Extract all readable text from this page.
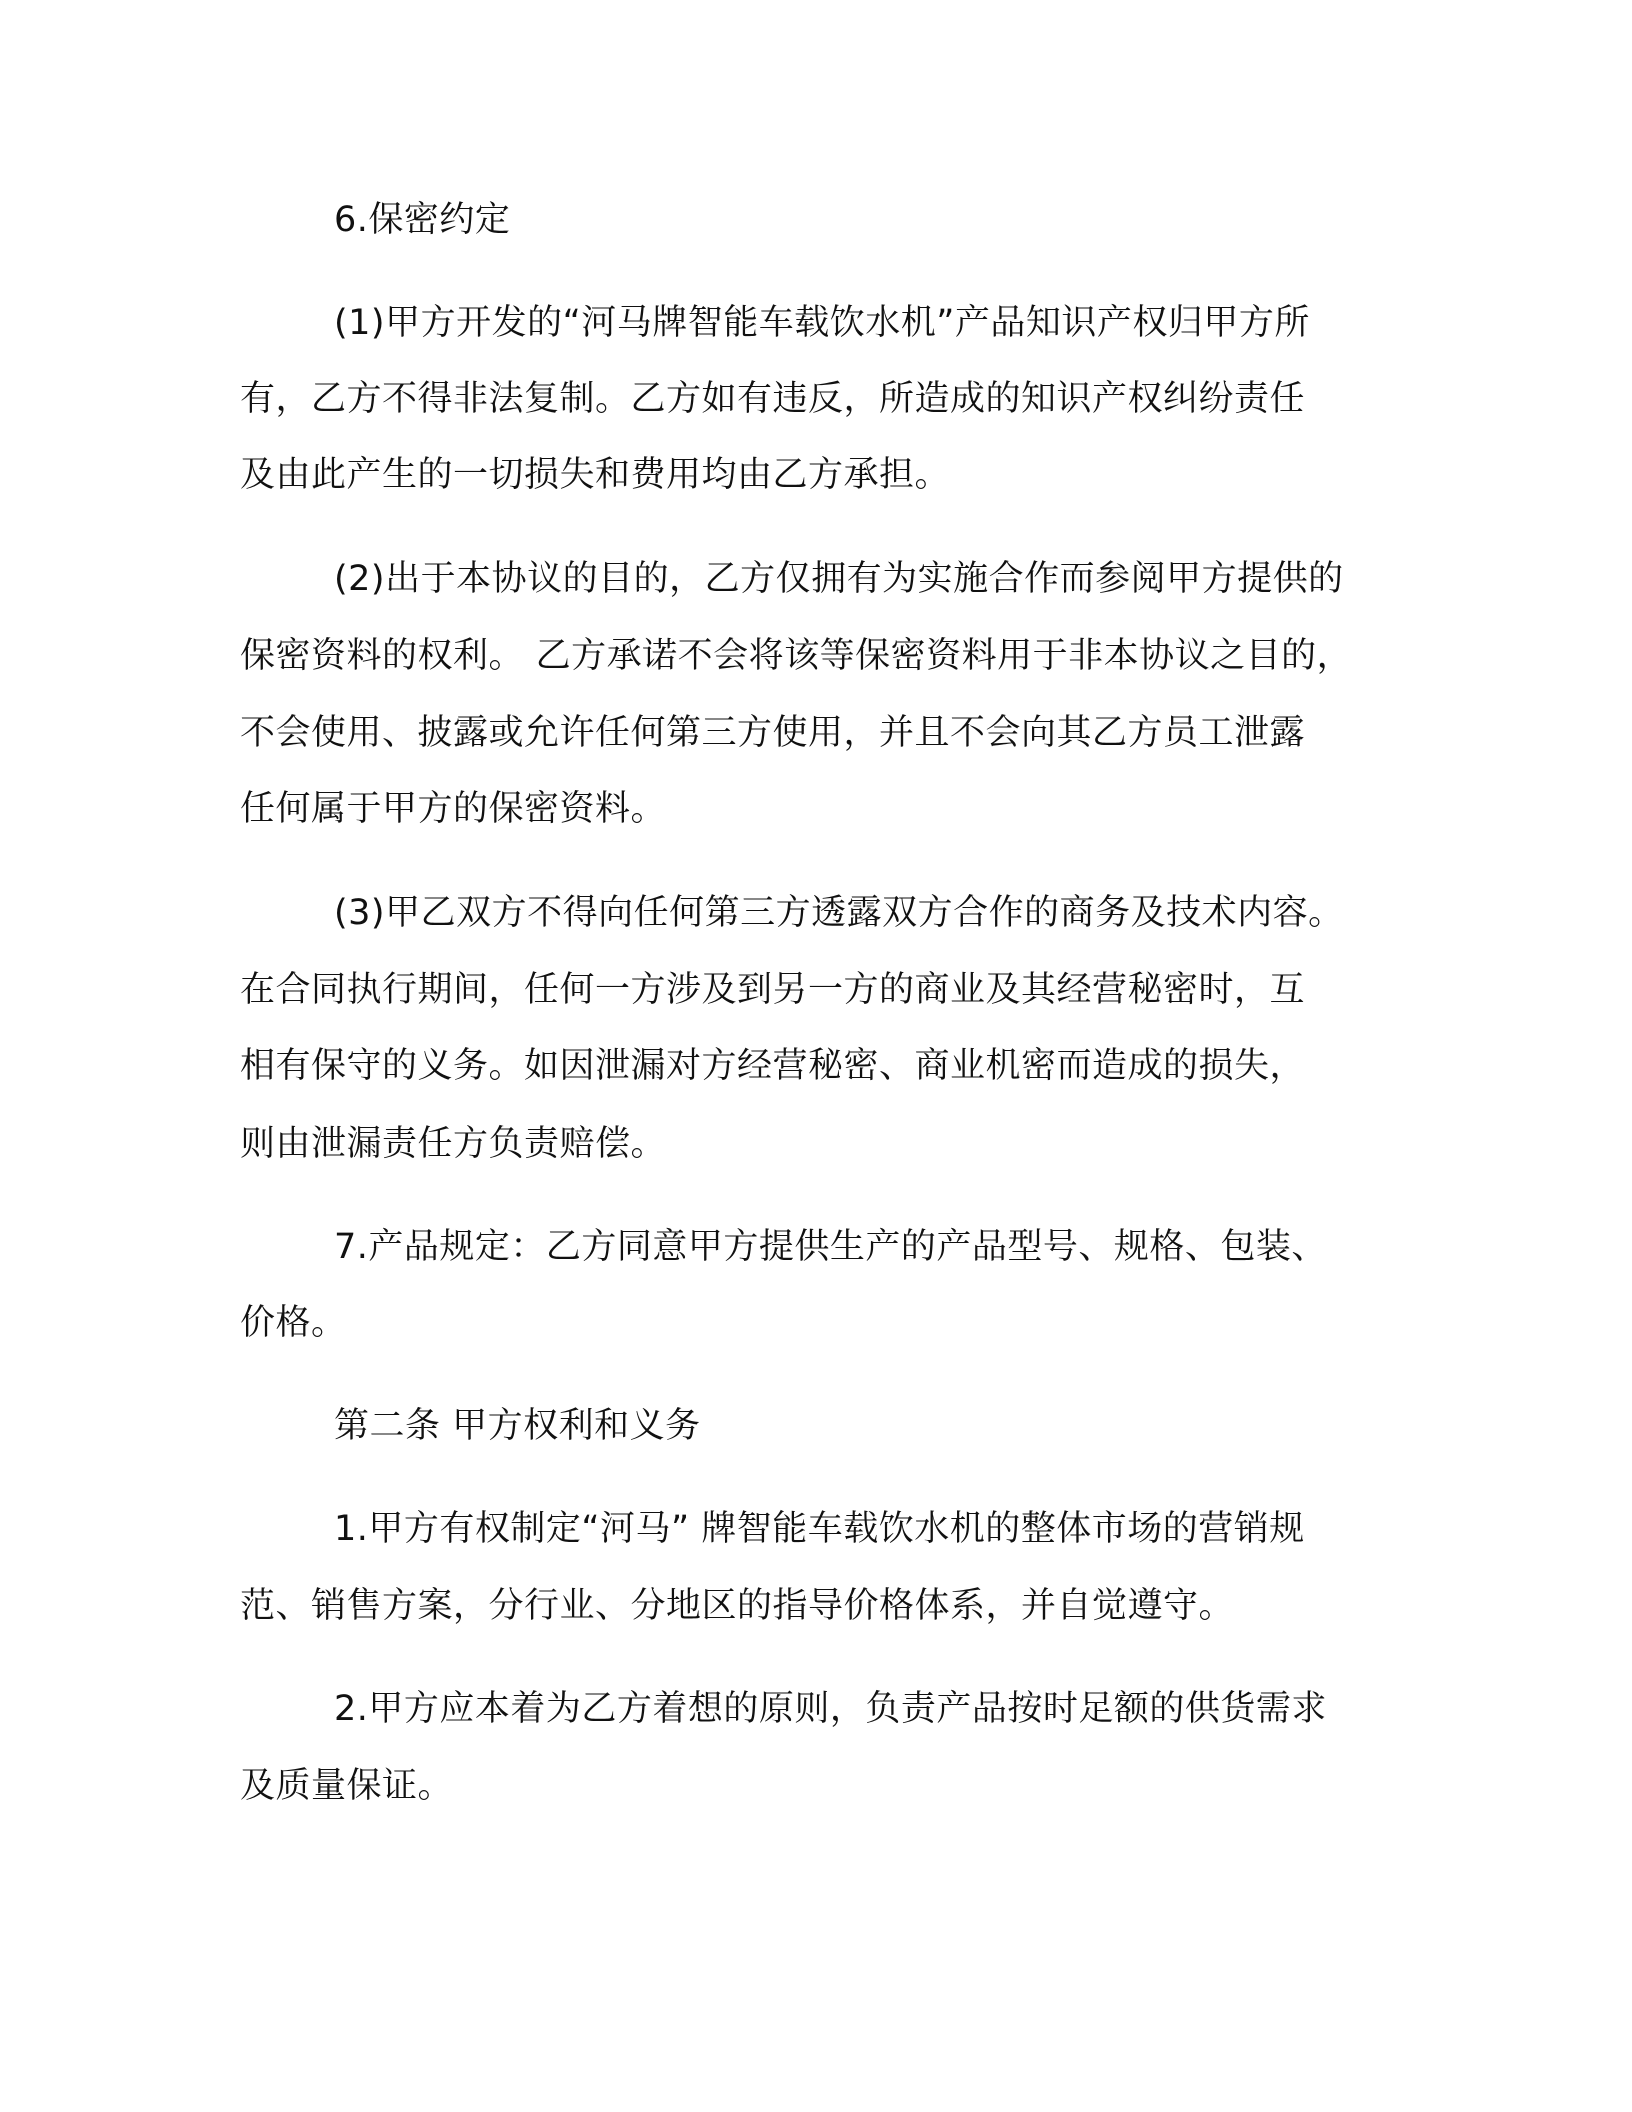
6.保密约定

(1)甲方开发的“河马牌智能车载饮水机”产品知识产权归甲方所

有，乙方不得非法复制。乙方如有违反，所造成的知识产权纠纷责任

及由此产生的一切损失和费用均由乙方承担。

(2)出于本协议的目的，乙方仅拥有为实施合作而参阅甲方提供的

保密资料的权利。 乙方承诺不会将该等保密资料用于非本协议之目的，

不会使用、披露或允许任何第三方使用，并且不会向其乙方员工泄露

任何属于甲方的保密资料。

(3)甲乙双方不得向任何第三方透露双方合作的商务及技术内容。

在合同执行期间，任何一方涉及到另一方的商业及其经营秘密时，互

相有保守的义务。如因泄漏对方经营秘密、商业机密而造成的损失，

则由泄漏责任方负责赔偿。

7.产品规定：乙方同意甲方提供生产的产品型号、规格、包装、

价格。

第二条 甲方权利和义务

1.甲方有权制定“河马” 牌智能车载饮水机的整体市场的营销规

范、销售方案，分行业、分地区的指导价格体系，并自觉遵守。

2.甲方应本着为乙方着想的原则，负责产品按时足额的供货需求

及质量保证。
